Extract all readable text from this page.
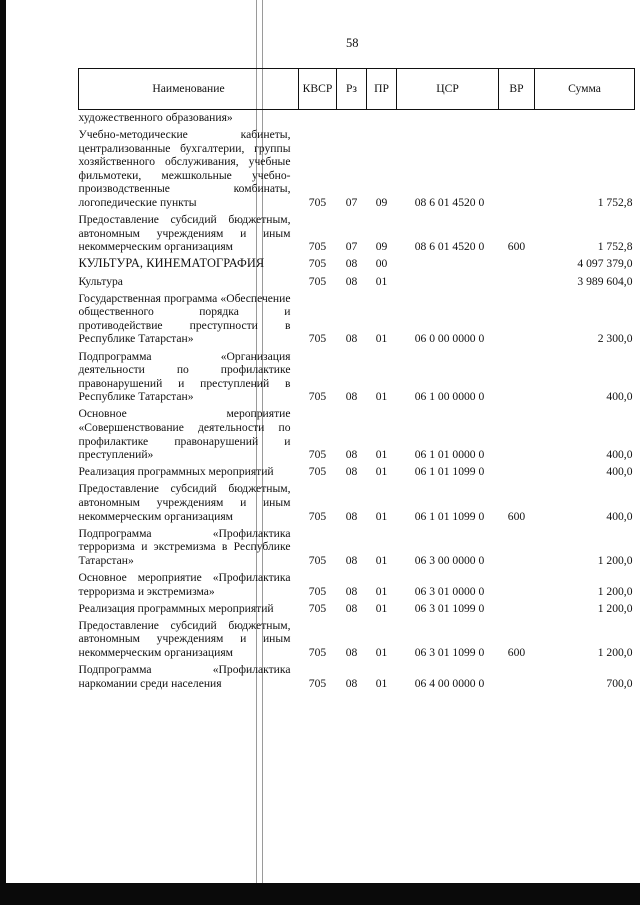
58
Наименование	КВСР	Рз	ПР	ЦСР	ВР	Сумма
художественного образования»						
Учебно-методические кабинеты, централизованные бухгалтерии, группы хозяйственного обслуживания, учебные фильмотеки, межшкольные учебно-производственные комбинаты, логопедические пункты	705	07	09	08 6 01 4520 0		1 752,8
Предоставление субсидий бюджетным, автономным учреждениям и иным некоммерческим организациям	705	07	09	08 6 01 4520 0	600	1 752,8
КУЛЬТУРА, КИНЕМАТОГРАФИЯ	705	08	00			4 097 379,0
Культура	705	08	01			3 989 604,0
Государственная программа «Обеспечение общественного порядка и противодействие преступности в Республике Татарстан»	705	08	01	06 0 00 0000 0		2 300,0
Подпрограмма «Организация деятельности по профилактике правонарушений и преступлений в Республике Татарстан»	705	08	01	06 1 00 0000 0		400,0
Основное мероприятие «Совершенствование деятельности по профилактике правонарушений и преступлений»	705	08	01	06 1 01 0000 0		400,0
Реализация программных мероприятий	705	08	01	06 1 01 1099 0		400,0
Предоставление субсидий бюджетным, автономным учреждениям и иным некоммерческим организациям	705	08	01	06 1 01 1099 0	600	400,0
Подпрограмма «Профилактика терроризма и экстремизма в Республике Татарстан»	705	08	01	06 3 00 0000 0		1 200,0
Основное мероприятие «Профилактика терроризма и экстремизма»	705	08	01	06 3 01 0000 0		1 200,0
Реализация программных мероприятий	705	08	01	06 3 01 1099 0		1 200,0
Предоставление субсидий бюджетным, автономным учреждениям и иным некоммерческим организациям	705	08	01	06 3 01 1099 0	600	1 200,0
Подпрограмма «Профилактика наркомании среди населения	705	08	01	06 4 00 0000 0		700,0
